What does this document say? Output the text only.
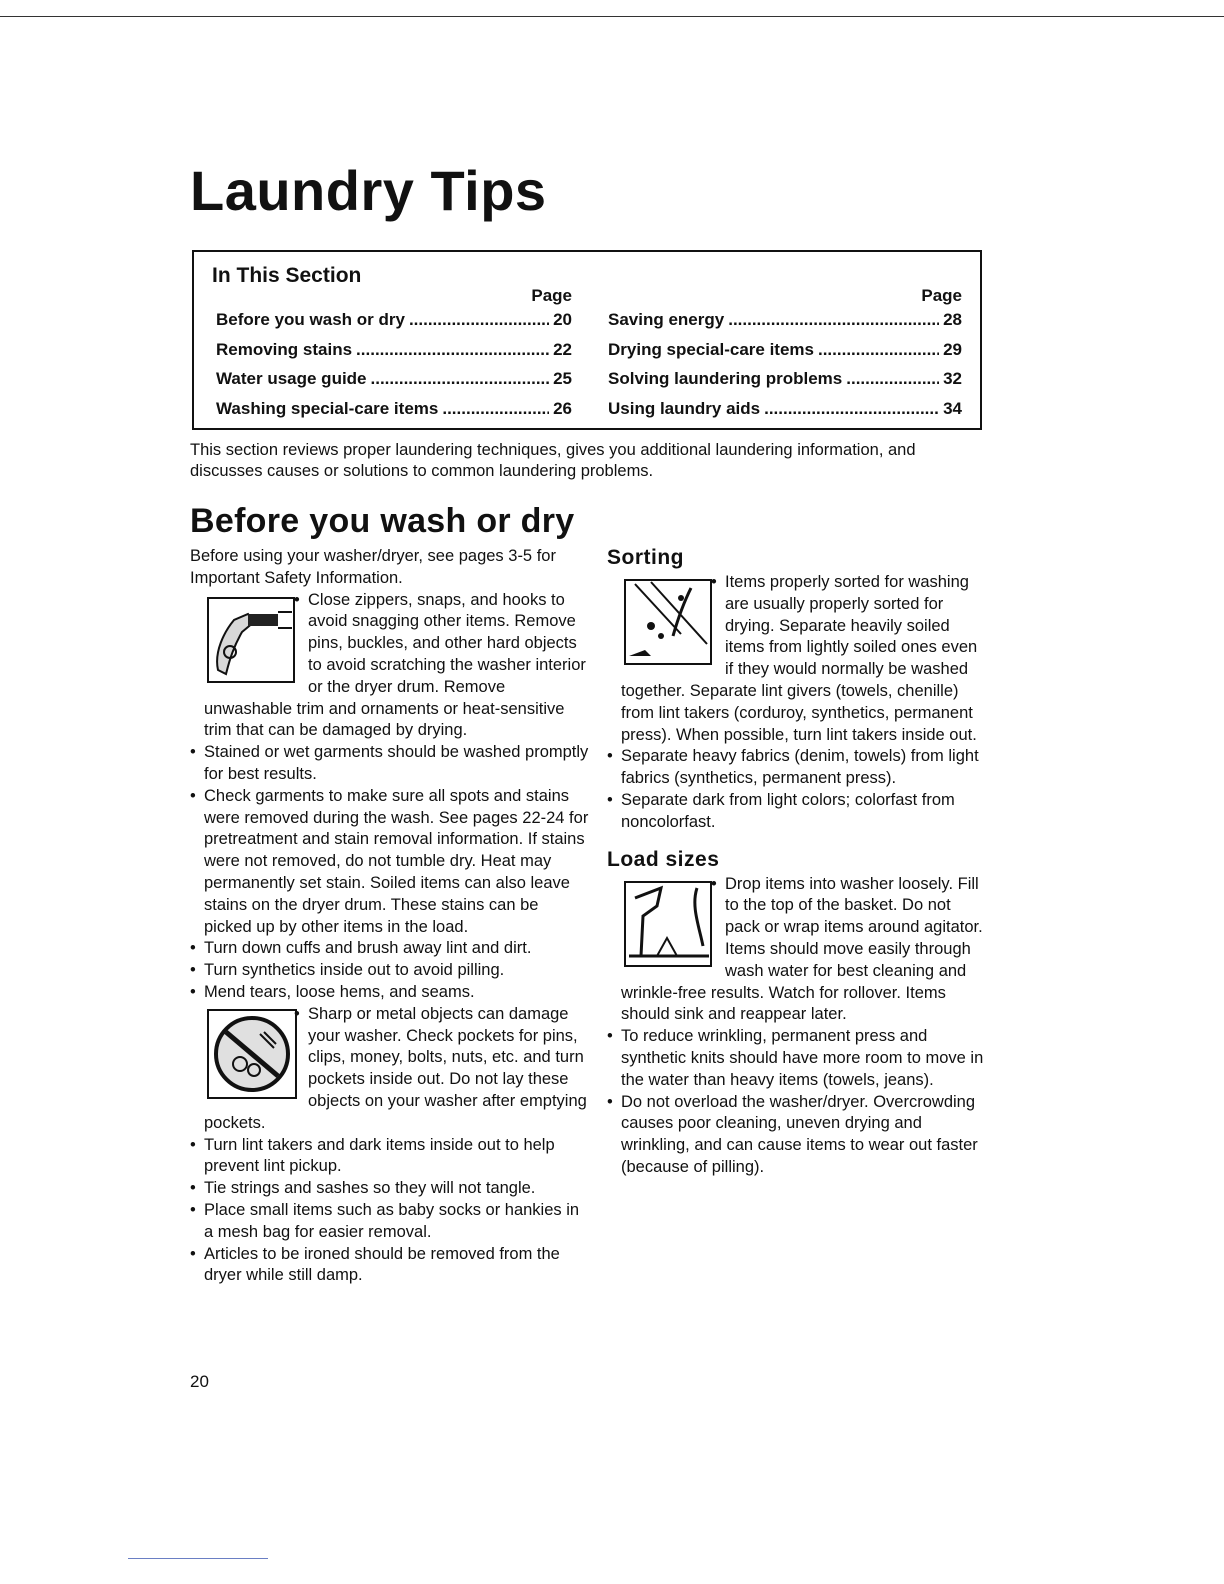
Laundry Tips
In This Section
Page
Before you wash or dry .....	20
Removing stains .....	22
Water usage guide .....	25
Washing special-care items .....	26
Page
Saving energy .....	28
Drying special-care items .....	29
Solving laundering problems .....	32
Using laundry aids .....	34

This section reviews proper laundering techniques, gives you additional laundering information, and discusses causes or solutions to common laundering problems.

Before you wash or dry

Before using your washer/dryer, see pages 3-5 for Important Safety Information.

• Close zippers, snaps, and hooks to avoid snagging other items. Remove pins, buckles, and other hard objects to avoid scratching the washer interior or the dryer drum. Remove unwashable trim and ornaments or heat-sensitive trim that can be damaged by drying.

• Stained or wet garments should be washed promptly for best results.

• Check garments to make sure all spots and stains were removed during the wash. See pages 22-24 for pretreatment and stain removal information. If stains were not removed, do not tumble dry. Heat may permanently set stain. Soiled items can also leave stains on the dryer drum. These stains can be picked up by other items in the load.

• Turn down cuffs and brush away lint and dirt.

• Turn synthetics inside out to avoid pilling.

• Mend tears, loose hems, and seams.

• Sharp or metal objects can damage your washer. Check pockets for pins, clips, money, bolts, nuts, etc. and turn pockets inside out. Do not lay these objects on your washer after emptying pockets.

• Turn lint takers and dark items inside out to help prevent lint pickup.

• Tie strings and sashes so they will not tangle.

• Place small items such as baby socks or hankies in a mesh bag for easier removal.

• Articles to be ironed should be removed from the dryer while still damp.

Sorting

• Items properly sorted for washing are usually properly sorted for drying. Separate heavily soiled items from lightly soiled ones even if they would normally be washed together. Separate lint givers (towels, chenille) from lint takers (corduroy, synthetics, permanent press). When possible, turn lint takers inside out.

• Separate heavy fabrics (denim, towels) from light fabrics (synthetics, permanent press).

• Separate dark from light colors; colorfast from noncolorfast.

Load sizes

• Drop items into washer loosely. Fill to the top of the basket. Do not pack or wrap items around agitator. Items should move easily through wash water for best cleaning and wrinkle-free results. Watch for rollover. Items should sink and reappear later.

• To reduce wrinkling, permanent press and synthetic knits should have more room to move in the water than heavy items (towels, jeans).

• Do not overload the washer/dryer. Overcrowding causes poor cleaning, uneven drying and wrinkling, and can cause items to wear out faster (because of pilling).

20
